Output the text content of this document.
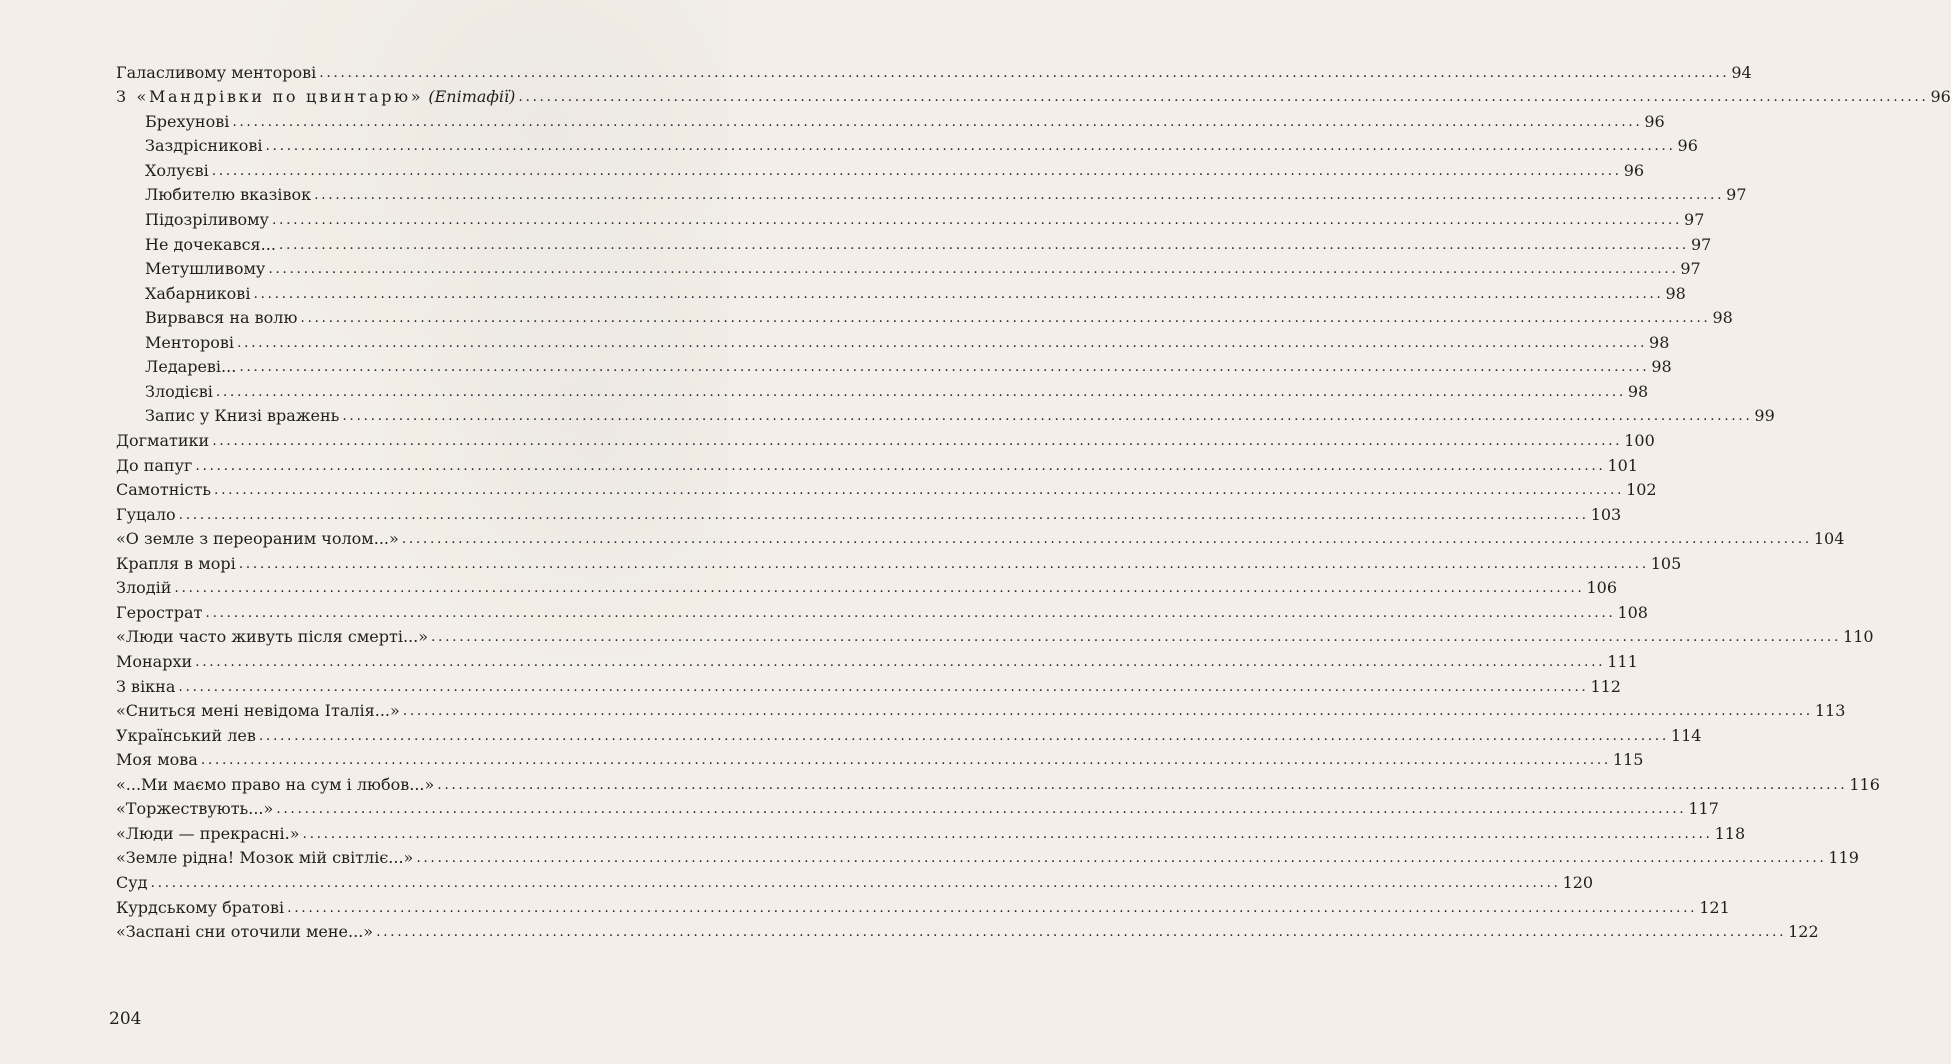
Галасливому менторові ........................................................................................................................................................................................................ 94
З «Мандрівки по цвинтарю» (Епітафії) ........................................................................................................................................................................................................ 96
Брехунові ........................................................................................................................................................................................................ 96
Заздрісникові ........................................................................................................................................................................................................ 96
Холуєві ........................................................................................................................................................................................................ 96
Любителю вказівок ........................................................................................................................................................................................................ 97
Підозріливому ........................................................................................................................................................................................................ 97
Не дочекався... ........................................................................................................................................................................................................ 97
Метушливому ........................................................................................................................................................................................................ 97
Хабарникові ........................................................................................................................................................................................................ 98
Вирвався на волю ........................................................................................................................................................................................................ 98
Менторові ........................................................................................................................................................................................................ 98
Ледареві... ........................................................................................................................................................................................................ 98
Злодієві ........................................................................................................................................................................................................ 98
Запис у Книзі вражень ........................................................................................................................................................................................................ 99
Догматики ........................................................................................................................................................................................................ 100
До папуг ........................................................................................................................................................................................................ 101
Самотність ........................................................................................................................................................................................................ 102
Гуцало ........................................................................................................................................................................................................ 103
«О земле з переораним чолом...» ........................................................................................................................................................................................................ 104
Крапля в морі ........................................................................................................................................................................................................ 105
Злодій ........................................................................................................................................................................................................ 106
Герострат ........................................................................................................................................................................................................ 108
«Люди часто живуть після смерті...» ........................................................................................................................................................................................................ 110
Монархи ........................................................................................................................................................................................................ 111
З вікна ........................................................................................................................................................................................................ 112
«Сниться мені невідома Італія...» ........................................................................................................................................................................................................ 113
Український лев ........................................................................................................................................................................................................ 114
Моя мова ........................................................................................................................................................................................................ 115
«...Ми маємо право на сум і любов...» ........................................................................................................................................................................................................ 116
«Торжествують...» ........................................................................................................................................................................................................ 117
«Люди — прекрасні.» ........................................................................................................................................................................................................ 118
«Земле рідна! Мозок мій світліє...» ........................................................................................................................................................................................................ 119
Суд ........................................................................................................................................................................................................ 120
Курдському братові ........................................................................................................................................................................................................ 121
«Заспані сни оточили мене...» ........................................................................................................................................................................................................ 122
204
